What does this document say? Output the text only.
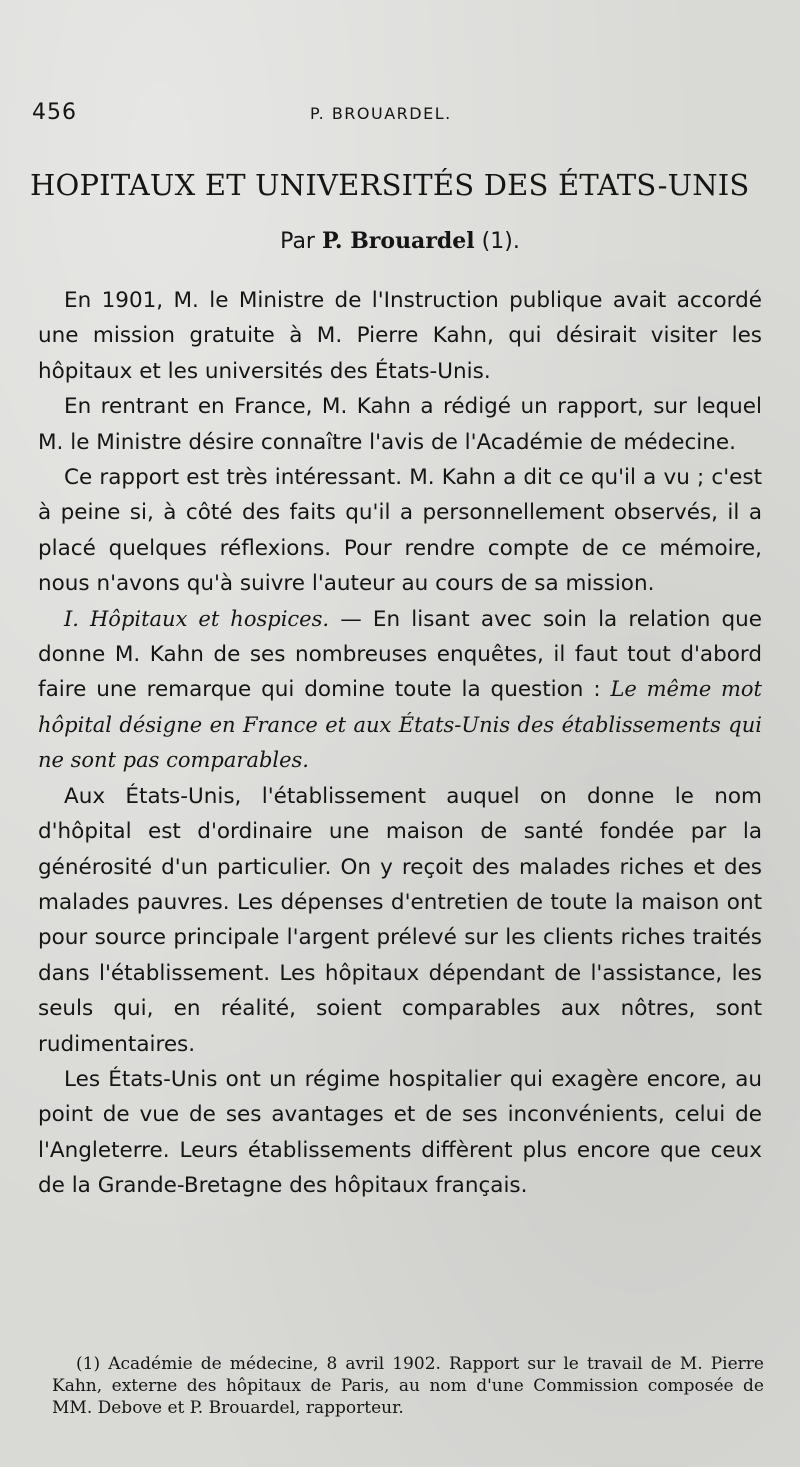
456	P. BROUARDEL.
HOPITAUX ET UNIVERSITÉS DES ÉTATS-UNIS
Par P. Brouardel (1).

En 1901, M. le Ministre de l'Instruction publique avait accordé une mission gratuite à M. Pierre Kahn, qui désirait visiter les hôpitaux et les universités des États-Unis.

En rentrant en France, M. Kahn a rédigé un rapport, sur lequel M. le Ministre désire connaître l'avis de l'Académie de médecine.

Ce rapport est très intéressant. M. Kahn a dit ce qu'il a vu ; c'est à peine si, à côté des faits qu'il a personnellement observés, il a placé quelques réflexions. Pour rendre compte de ce mémoire, nous n'avons qu'à suivre l'auteur au cours de sa mission.

I. Hôpitaux et hospices. — En lisant avec soin la relation que donne M. Kahn de ses nombreuses enquêtes, il faut tout d'abord faire une remarque qui domine toute la question : Le même mot hôpital désigne en France et aux États-Unis des établissements qui ne sont pas comparables.

Aux États-Unis, l'établissement auquel on donne le nom d'hôpital est d'ordinaire une maison de santé fondée par la générosité d'un particulier. On y reçoit des malades riches et des malades pauvres. Les dépenses d'entretien de toute la maison ont pour source principale l'argent prélevé sur les clients riches traités dans l'établissement. Les hôpitaux dépendant de l'assistance, les seuls qui, en réalité, soient comparables aux nôtres, sont rudimentaires.

Les États-Unis ont un régime hospitalier qui exagère encore, au point de vue de ses avantages et de ses inconvénients, celui de l'Angleterre. Leurs établissements diffèrent plus encore que ceux de la Grande-Bretagne des hôpitaux français.

(1) Académie de médecine, 8 avril 1902. Rapport sur le travail de M. Pierre Kahn, externe des hôpitaux de Paris, au nom d'une Commission composée de MM. Debove et P. Brouardel, rapporteur.
